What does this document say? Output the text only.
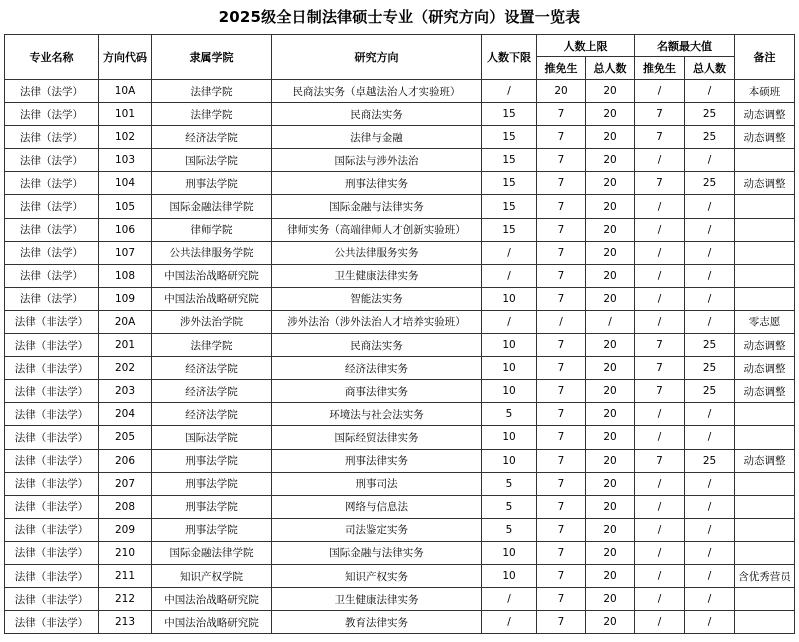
2025级全日制法律硕士专业（研究方向）设置一览表
专业名称	方向代码	隶属学院	研究方向	人数下限	人数上限		名额最大值		备注
					推免生	总人数	推免生	总人数	
法律（法学）	10A	法律学院	民商法实务（卓越法治人才实验班）	/	20	20	/	/	本硕班
法律（法学）	101	法律学院	民商法实务	15	7	20	7	25	动态调整
法律（法学）	102	经济法学院	法律与金融	15	7	20	7	25	动态调整
法律（法学）	103	国际法学院	国际法与涉外法治	15	7	20	/	/	
法律（法学）	104	刑事法学院	刑事法律实务	15	7	20	7	25	动态调整
法律（法学）	105	国际金融法律学院	国际金融与法律实务	15	7	20	/	/	
法律（法学）	106	律师学院	律师实务（高端律师人才创新实验班）	15	7	20	/	/	
法律（法学）	107	公共法律服务学院	公共法律服务实务	/	7	20	/	/	
法律（法学）	108	中国法治战略研究院	卫生健康法律实务	/	7	20	/	/	
法律（法学）	109	中国法治战略研究院	智能法实务	10	7	20	/	/	
法律（非法学）	20A	涉外法治学院	涉外法治（涉外法治人才培养实验班）	/	/	/	/	/	零志愿
法律（非法学）	201	法律学院	民商法实务	10	7	20	7	25	动态调整
法律（非法学）	202	经济法学院	经济法律实务	10	7	20	7	25	动态调整
法律（非法学）	203	经济法学院	商事法律实务	10	7	20	7	25	动态调整
法律（非法学）	204	经济法学院	环境法与社会法实务	5	7	20	/	/	
法律（非法学）	205	国际法学院	国际经贸法律实务	10	7	20	/	/	
法律（非法学）	206	刑事法学院	刑事法律实务	10	7	20	7	25	动态调整
法律（非法学）	207	刑事法学院	刑事司法	5	7	20	/	/	
法律（非法学）	208	刑事法学院	网络与信息法	5	7	20	/	/	
法律（非法学）	209	刑事法学院	司法鉴定实务	5	7	20	/	/	
法律（非法学）	210	国际金融法律学院	国际金融与法律实务	10	7	20	/	/	
法律（非法学）	211	知识产权学院	知识产权实务	10	7	20	/	/	含优秀营员
法律（非法学）	212	中国法治战略研究院	卫生健康法律实务	/	7	20	/	/	
法律（非法学）	213	中国法治战略研究院	教育法律实务	/	7	20	/	/	
